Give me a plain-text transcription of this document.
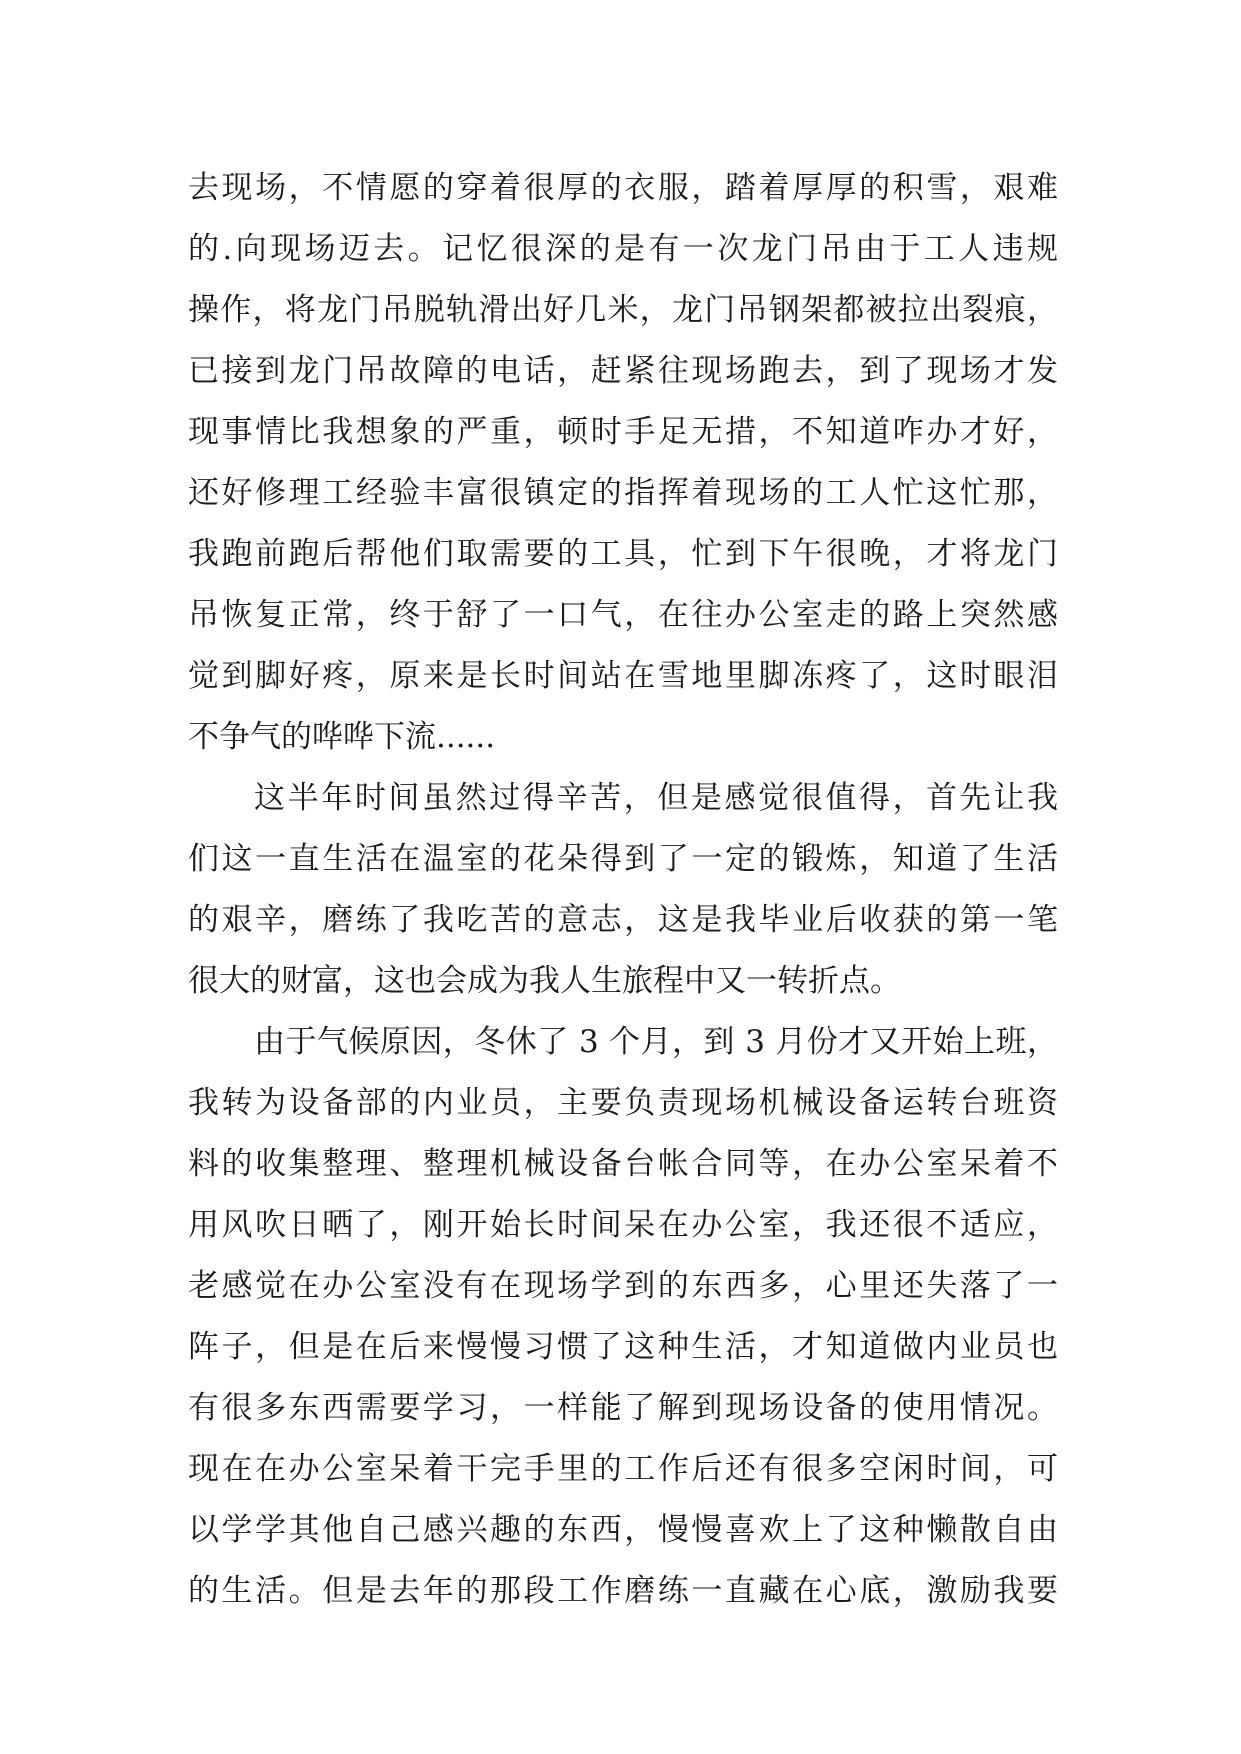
去现场，不情愿的穿着很厚的衣服，踏着厚厚的积雪，艰难
的.向现场迈去。记忆很深的是有一次龙门吊由于工人违规
操作，将龙门吊脱轨滑出好几米，龙门吊钢架都被拉出裂痕，
已接到龙门吊故障的电话，赶紧往现场跑去，到了现场才发
现事情比我想象的严重，顿时手足无措，不知道咋办才好，
还好修理工经验丰富很镇定的指挥着现场的工人忙这忙那，
我跑前跑后帮他们取需要的工具，忙到下午很晚，才将龙门
吊恢复正常，终于舒了一口气，在往办公室走的路上突然感
觉到脚好疼，原来是长时间站在雪地里脚冻疼了，这时眼泪
不争气的哗哗下流......
这半年时间虽然过得辛苦，但是感觉很值得，首先让我
们这一直生活在温室的花朵得到了一定的锻炼，知道了生活
的艰辛，磨练了我吃苦的意志，这是我毕业后收获的第一笔
很大的财富，这也会成为我人生旅程中又一转折点。
由于气候原因，冬休了 3 个月，到 3 月份才又开始上班，
我转为设备部的内业员，主要负责现场机械设备运转台班资
料的收集整理、整理机械设备台帐合同等，在办公室呆着不
用风吹日晒了，刚开始长时间呆在办公室，我还很不适应，
老感觉在办公室没有在现场学到的东西多，心里还失落了一
阵子，但是在后来慢慢习惯了这种生活，才知道做内业员也
有很多东西需要学习，一样能了解到现场设备的使用情况。
现在在办公室呆着干完手里的工作后还有很多空闲时间，可
以学学其他自己感兴趣的东西，慢慢喜欢上了这种懒散自由
的生活。但是去年的那段工作磨练一直藏在心底，激励我要
